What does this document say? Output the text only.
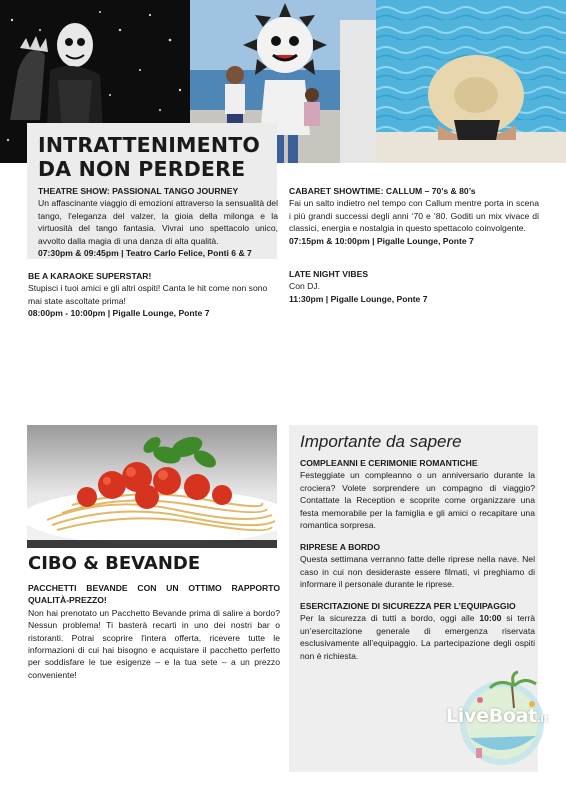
INTRATTENIMENTO
DA NON PERDERE

THEATRE SHOW: PASSIONAL TANGO JOURNEY

Un affascinante viaggio di emozioni attraverso la sensualità del tango, l'eleganza del valzer, la gioia della milonga e la virtuosità del tango fantasia. Vivrai uno spettacolo unico, avvolto dalla magia di una danza di alta qualità.

07:30pm & 09:45pm | Teatro Carlo Felice, Ponti 6 & 7

BE A KARAOKE SUPERSTAR!

Stupisci i tuoi amici e gli altri ospiti! Canta le hit come non sono mai state ascoltate prima!

08:00pm - 10:00pm | Pigalle Lounge, Ponte 7

CABARET SHOWTIME: CALLUM – 70’s & 80’s

Fai un salto indietro nel tempo con Callum mentre porta in scena i più grandi successi degli anni ‘70 e ‘80. Goditi un mix vivace di classici, energia e nostalgia in questo spettacolo coinvolgente.

07:15pm & 10:00pm | Pigalle Lounge, Ponte 7

LATE NIGHT VIBES

Con DJ.

11:30pm | Pigalle Lounge, Ponte 7

CIBO & BEVANDE

PACCHETTI BEVANDE CON UN OTTIMO RAPPORTO QUALITÀ-PREZZO!

Non hai prenotato un Pacchetto Bevande prima di salire a bordo? Nessun problema! Ti basterà recarti in uno dei nostri bar o ristoranti. Potrai scoprire l'intera offerta, ricevere tutte le informazioni di cui hai bisogno e acquistare il pacchetto perfetto per soddisfare le tue esigenze – e la tua sete – a un prezzo conveniente!

Importante da sapere

COMPLEANNI E CERIMONIE ROMANTICHE

Festeggiate un compleanno o un anniversario durante la crociera? Volete sorprendere un compagno di viaggio? Contattate la Reception e scoprite come organizzare una festa memorabile per la famiglia e gli amici o recapitare una romantica sorpresa.

RIPRESE A BORDO

Questa settimana verranno fatte delle riprese nella nave. Nel caso in cui non desideraste essere filmati, vi preghiamo di informare il personale durante le riprese.

ESERCITAZIONE DI SICUREZZA PER L’EQUIPAGGIO

Per la sicurezza di tutti a bordo, oggi alle 10:00 si terrà un’esercitazione generale di emergenza riservata esclusivamente all’equipaggio. La partecipazione degli ospiti non è richiesta.

LiveBoat.it
